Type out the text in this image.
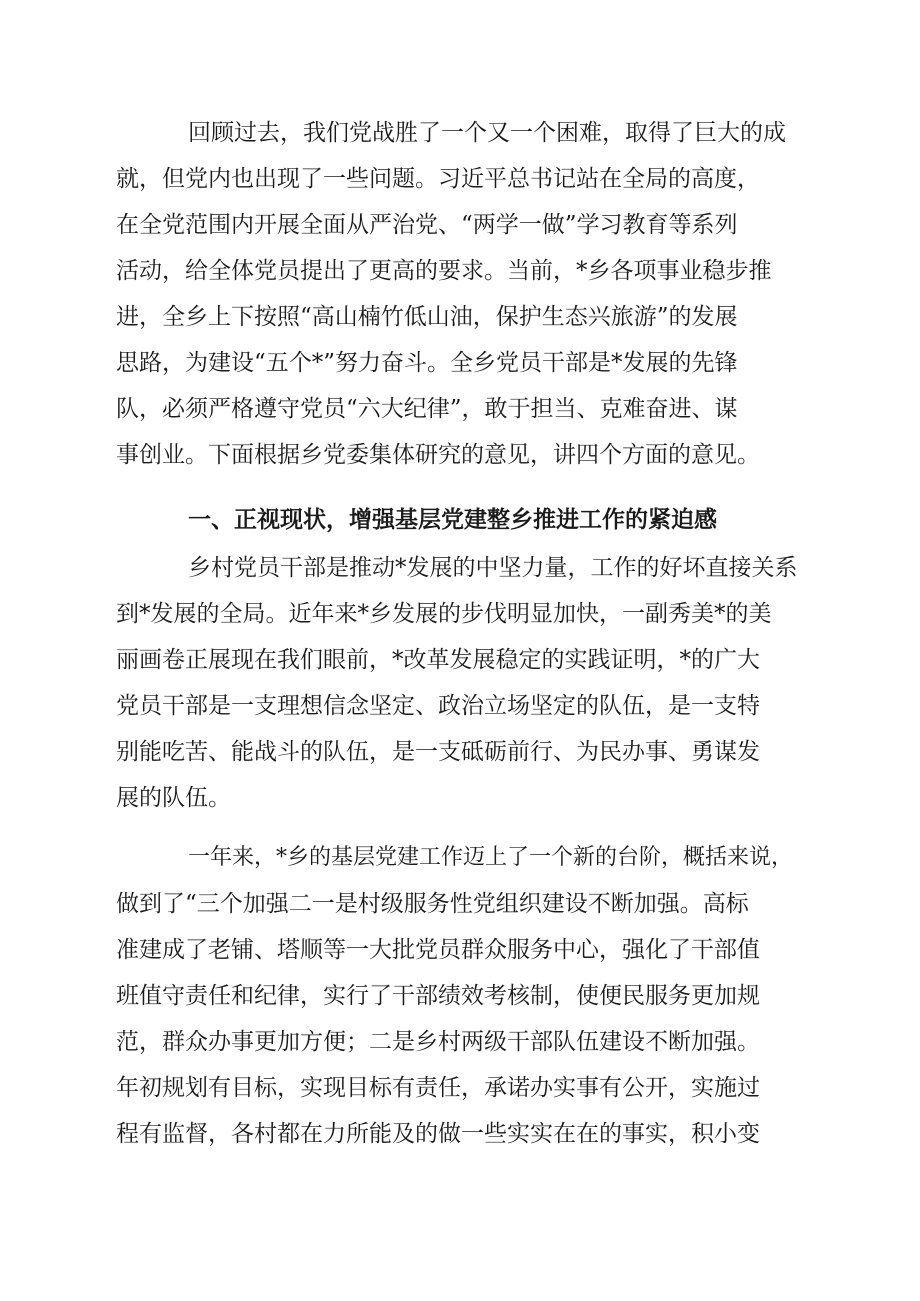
回顾过去，我们党战胜了一个又一个困难，取得了巨大的成
就，但党内也出现了一些问题。习近平总书记站在全局的高度，
在全党范围内开展全面从严治党、“两学一做”学习教育等系列
活动，给全体党员提出了更高的要求。当前，*乡各项事业稳步推
进，全乡上下按照“高山楠竹低山油，保护生态兴旅游”的发展
思路，为建设“五个*”努力奋斗。全乡党员干部是*发展的先锋
队，必须严格遵守党员“六大纪律”，敢于担当、克难奋进、谋
事创业。下面根据乡党委集体研究的意见，讲四个方面的意见。
一、正视现状，增强基层党建整乡推进工作的紧迫感
乡村党员干部是推动*发展的中坚力量，工作的好坏直接关系
到*发展的全局。近年来*乡发展的步伐明显加快，一副秀美*的美
丽画卷正展现在我们眼前，*改革发展稳定的实践证明，*的广大
党员干部是一支理想信念坚定、政治立场坚定的队伍，是一支特
别能吃苦、能战斗的队伍，是一支砥砺前行、为民办事、勇谋发
展的队伍。
一年来，*乡的基层党建工作迈上了一个新的台阶，概括来说，
做到了“三个加强二一是村级服务性党组织建设不断加强。高标
准建成了老铺、塔顺等一大批党员群众服务中心，强化了干部值
班值守责任和纪律，实行了干部绩效考核制，使便民服务更加规
范，群众办事更加方便；二是乡村两级干部队伍建设不断加强。
年初规划有目标，实现目标有责任，承诺办实事有公开，实施过
程有监督，各村都在力所能及的做一些实实在在的事实，积小变
